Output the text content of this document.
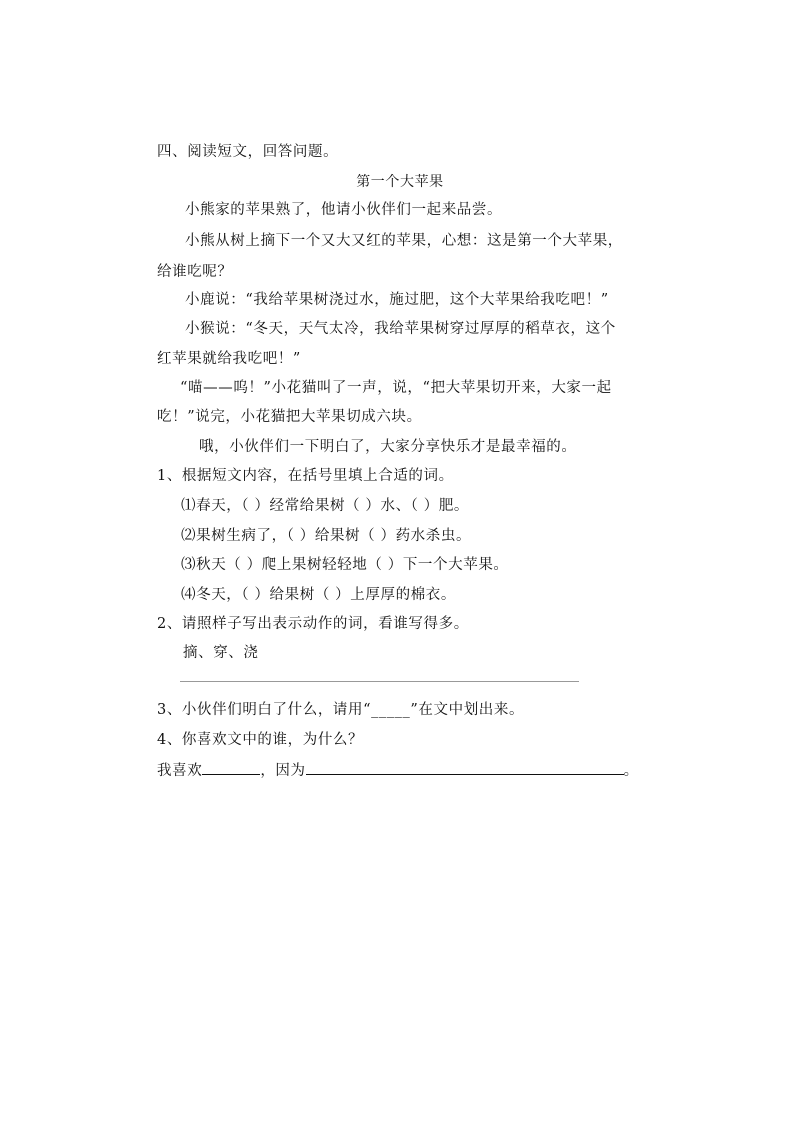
四、阅读短文，回答问题。
第一个大苹果
小熊家的苹果熟了，他请小伙伴们一起来品尝。
小熊从树上摘下一个又大又红的苹果，心想：这是第一个大苹果，
给谁吃呢？
小鹿说：“我给苹果树浇过水，施过肥，这个大苹果给我吃吧！”
小猴说：“冬天，天气太冷，我给苹果树穿过厚厚的稻草衣，这个
红苹果就给我吃吧！”
“喵——呜！”小花猫叫了一声，说，“把大苹果切开来，大家一起
吃！”说完，小花猫把大苹果切成六块。
哦，小伙伴们一下明白了，大家分享快乐才是最幸福的。
1、根据短文内容，在括号里填上合适的词。
⑴春天，（ ）经常给果树（ ）水、（ ）肥。
⑵果树生病了，（ ）给果树（ ）药水杀虫。
⑶秋天（ ）爬上果树轻轻地（ ）下一个大苹果。
⑷冬天，（ ）给果树（ ）上厚厚的棉衣。
2、请照样子写出表示动作的词，看谁写得多。
摘、穿、浇
3、小伙伴们明白了什么，请用“_____”在文中划出来。
4、你喜欢文中的谁，为什么？
我喜欢	，因为	。
